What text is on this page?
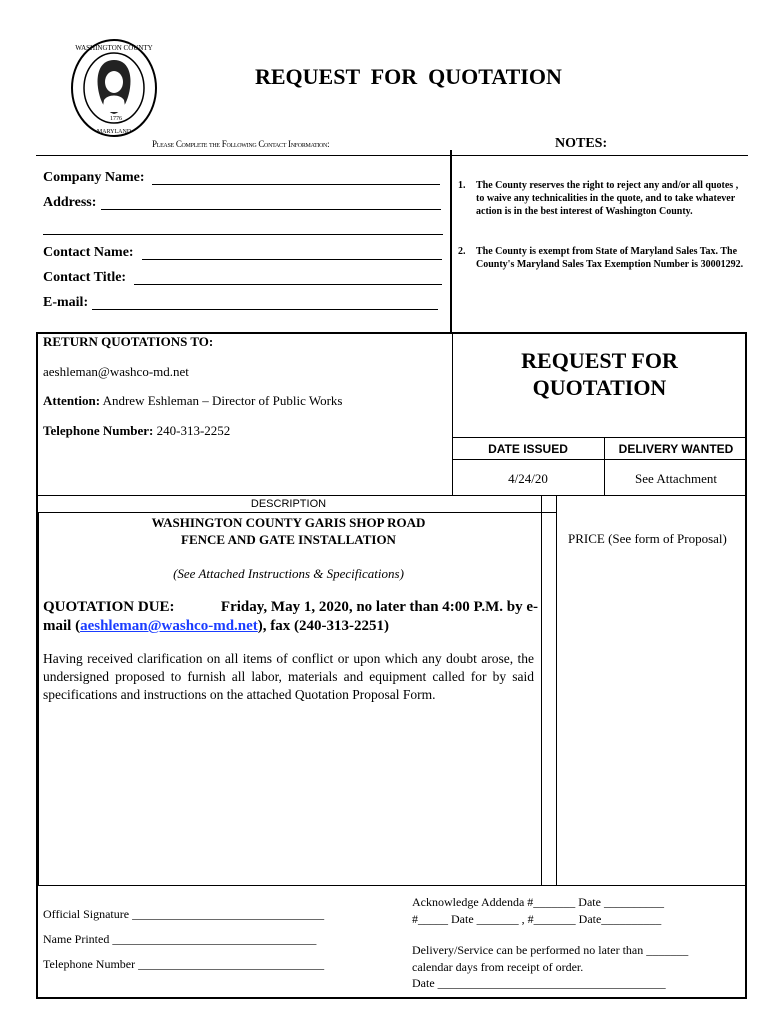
WASHINGTON COUNTY
MARYLAND
1776
REQUEST  FOR  QUOTATION
Please Complete the Following Contact Information:	NOTES:
Company Name:
Address:
Contact Name:
Contact Title:
E-mail:
1. The County reserves the right to reject any and/or all quotes , to waive any technicalities in the quote, and to take whatever action is in the best interest of Washington County.
2. The County is exempt from State of Maryland Sales Tax. The County's Maryland Sales Tax Exemption Number is 30001292.
RETURN QUOTATIONS TO:
aeshleman@washco-md.net
Attention: Andrew Eshleman – Director of Public Works
Telephone Number: 240-313-2252
REQUEST FOR
QUOTATION
DATE ISSUED	DELIVERY WANTED
4/24/20	See Attachment
DESCRIPTION
WASHINGTON COUNTY GARIS SHOP ROAD
FENCE AND GATE INSTALLATION	PRICE (See form of Proposal)
(See Attached Instructions & Specifications)
QUOTATION DUE:	Friday, May 1, 2020, no later than 4:00 P.M. by e-
mail (aeshleman@washco-md.net), fax (240-313-2251)
Having received clarification on all items of conflict or upon which any doubt arose, the undersigned proposed to furnish all labor, materials and equipment called for by said specifications and instructions on the attached Quotation Proposal Form.
Official Signature ________________________________
Name Printed __________________________________
Telephone Number _______________________________
Acknowledge Addenda #_______ Date __________
#_____ Date _______ , #_______ Date__________
Delivery/Service can be performed no later than _______
calendar days from receipt of order.
Date ______________________________________
